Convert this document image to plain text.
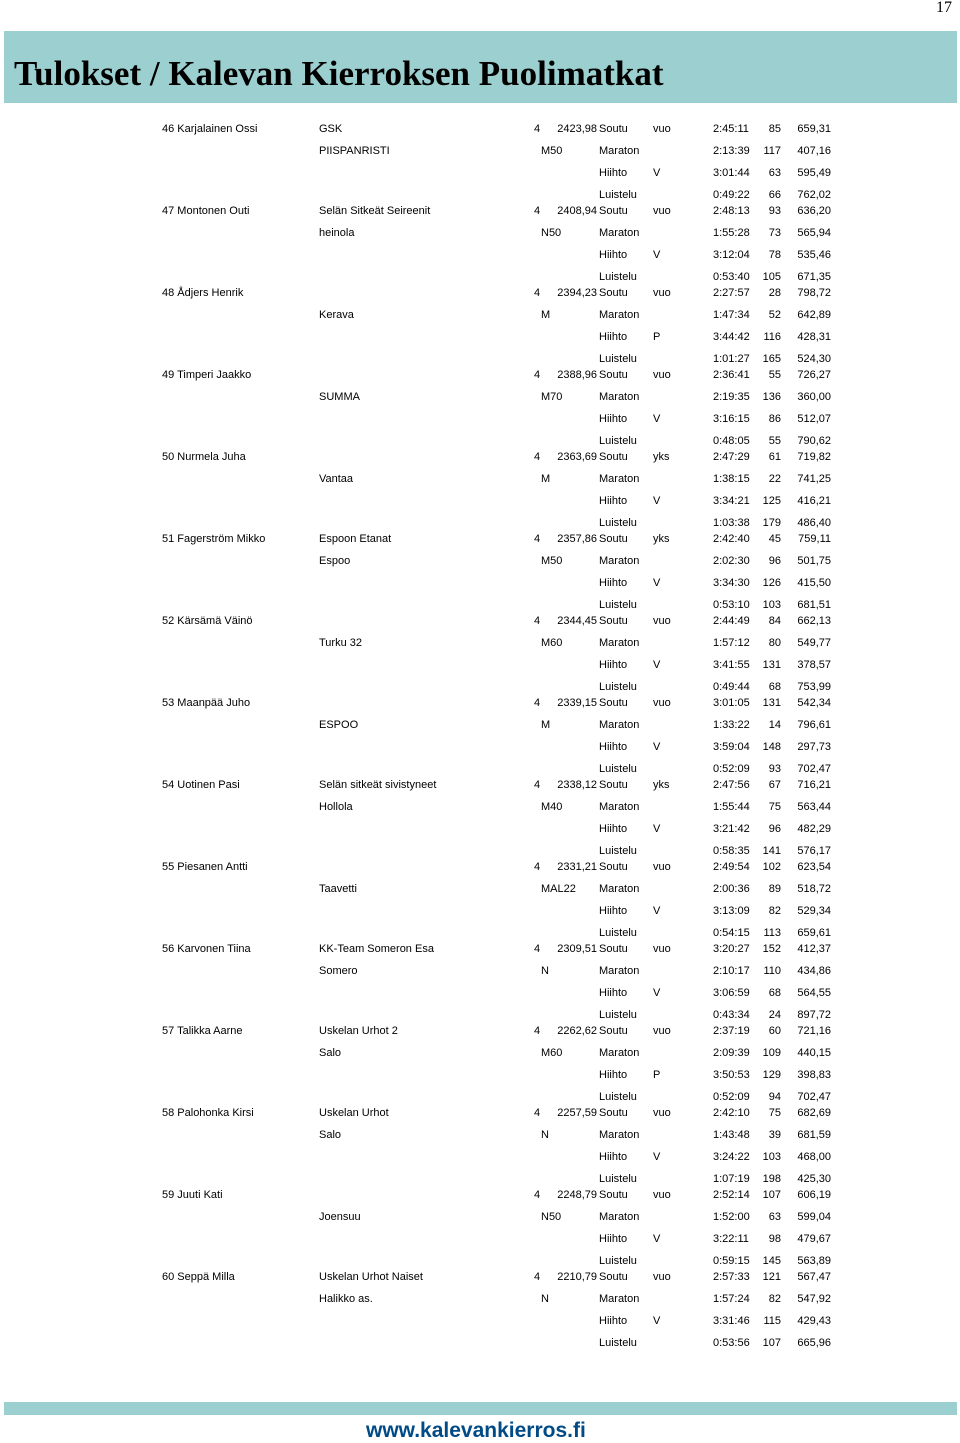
17
Tulokset / Kalevan Kierroksen Puolimatkat
46 Karjalainen Ossi	GSK	4	2423,98
PIISPANRISTI	M50
Soutu vuo	2:45:11	85	659,31
Maraton	2:13:39	117	407,16
Hiihto V	3:01:44	63	595,49
Luistelu	0:49:22	66	762,02
47 Montonen Outi	Selän Sitkeät Seireenit	4	2408,94
heinola	N50
Soutu vuo	2:48:13	93	636,20
Maraton	1:55:28	73	565,94
Hiihto V	3:12:04	78	535,46
Luistelu	0:53:40	105	671,35
48 Ådjers Henrik	4	2394,23
Kerava	M
Soutu vuo	2:27:57	28	798,72
Maraton	1:47:34	52	642,89
Hiihto P	3:44:42	116	428,31
Luistelu	1:01:27	165	524,30
49 Timperi Jaakko	4	2388,96
SUMMA	M70
Soutu vuo	2:36:41	55	726,27
Maraton	2:19:35	136	360,00
Hiihto V	3:16:15	86	512,07
Luistelu	0:48:05	55	790,62
50 Nurmela Juha	4	2363,69
Vantaa	M
Soutu yks	2:47:29	61	719,82
Maraton	1:38:15	22	741,25
Hiihto V	3:34:21	125	416,21
Luistelu	1:03:38	179	486,40
51 Fagerström Mikko	Espoon Etanat	4	2357,86
Espoo	M50
Soutu yks	2:42:40	45	759,11
Maraton	2:02:30	96	501,75
Hiihto V	3:34:30	126	415,50
Luistelu	0:53:10	103	681,51
52 Kärsämä Väinö	4	2344,45
Turku 32	M60
Soutu vuo	2:44:49	84	662,13
Maraton	1:57:12	80	549,77
Hiihto V	3:41:55	131	378,57
Luistelu	0:49:44	68	753,99
53 Maanpää Juho	4	2339,15
ESPOO	M
Soutu vuo	3:01:05	131	542,34
Maraton	1:33:22	14	796,61
Hiihto V	3:59:04	148	297,73
Luistelu	0:52:09	93	702,47
54 Uotinen Pasi	Selän sitkeät sivistyneet	4	2338,12
Hollola	M40
Soutu yks	2:47:56	67	716,21
Maraton	1:55:44	75	563,44
Hiihto V	3:21:42	96	482,29
Luistelu	0:58:35	141	576,17
55 Piesanen Antti	4	2331,21
Taavetti	MAL22
Soutu vuo	2:49:54	102	623,54
Maraton	2:00:36	89	518,72
Hiihto V	3:13:09	82	529,34
Luistelu	0:54:15	113	659,61
56 Karvonen Tiina	KK-Team Someron Esa	4	2309,51
Somero	N
Soutu vuo	3:20:27	152	412,37
Maraton	2:10:17	110	434,86
Hiihto V	3:06:59	68	564,55
Luistelu	0:43:34	24	897,72
57 Talikka Aarne	Uskelan Urhot 2	4	2262,62
Salo	M60
Soutu vuo	2:37:19	60	721,16
Maraton	2:09:39	109	440,15
Hiihto P	3:50:53	129	398,83
Luistelu	0:52:09	94	702,47
58 Palohonka Kirsi	Uskelan Urhot	4	2257,59
Salo	N
Soutu vuo	2:42:10	75	682,69
Maraton	1:43:48	39	681,59
Hiihto V	3:24:22	103	468,00
Luistelu	1:07:19	198	425,30
59 Juuti Kati	4	2248,79
Joensuu	N50
Soutu vuo	2:52:14	107	606,19
Maraton	1:52:00	63	599,04
Hiihto V	3:22:11	98	479,67
Luistelu	0:59:15	145	563,89
60 Seppä Milla	Uskelan Urhot Naiset	4	2210,79
Halikko as.	N
Soutu vuo	2:57:33	121	567,47
Maraton	1:57:24	82	547,92
Hiihto V	3:31:46	115	429,43
Luistelu	0:53:56	107	665,96
www.kalevankierros.fi
